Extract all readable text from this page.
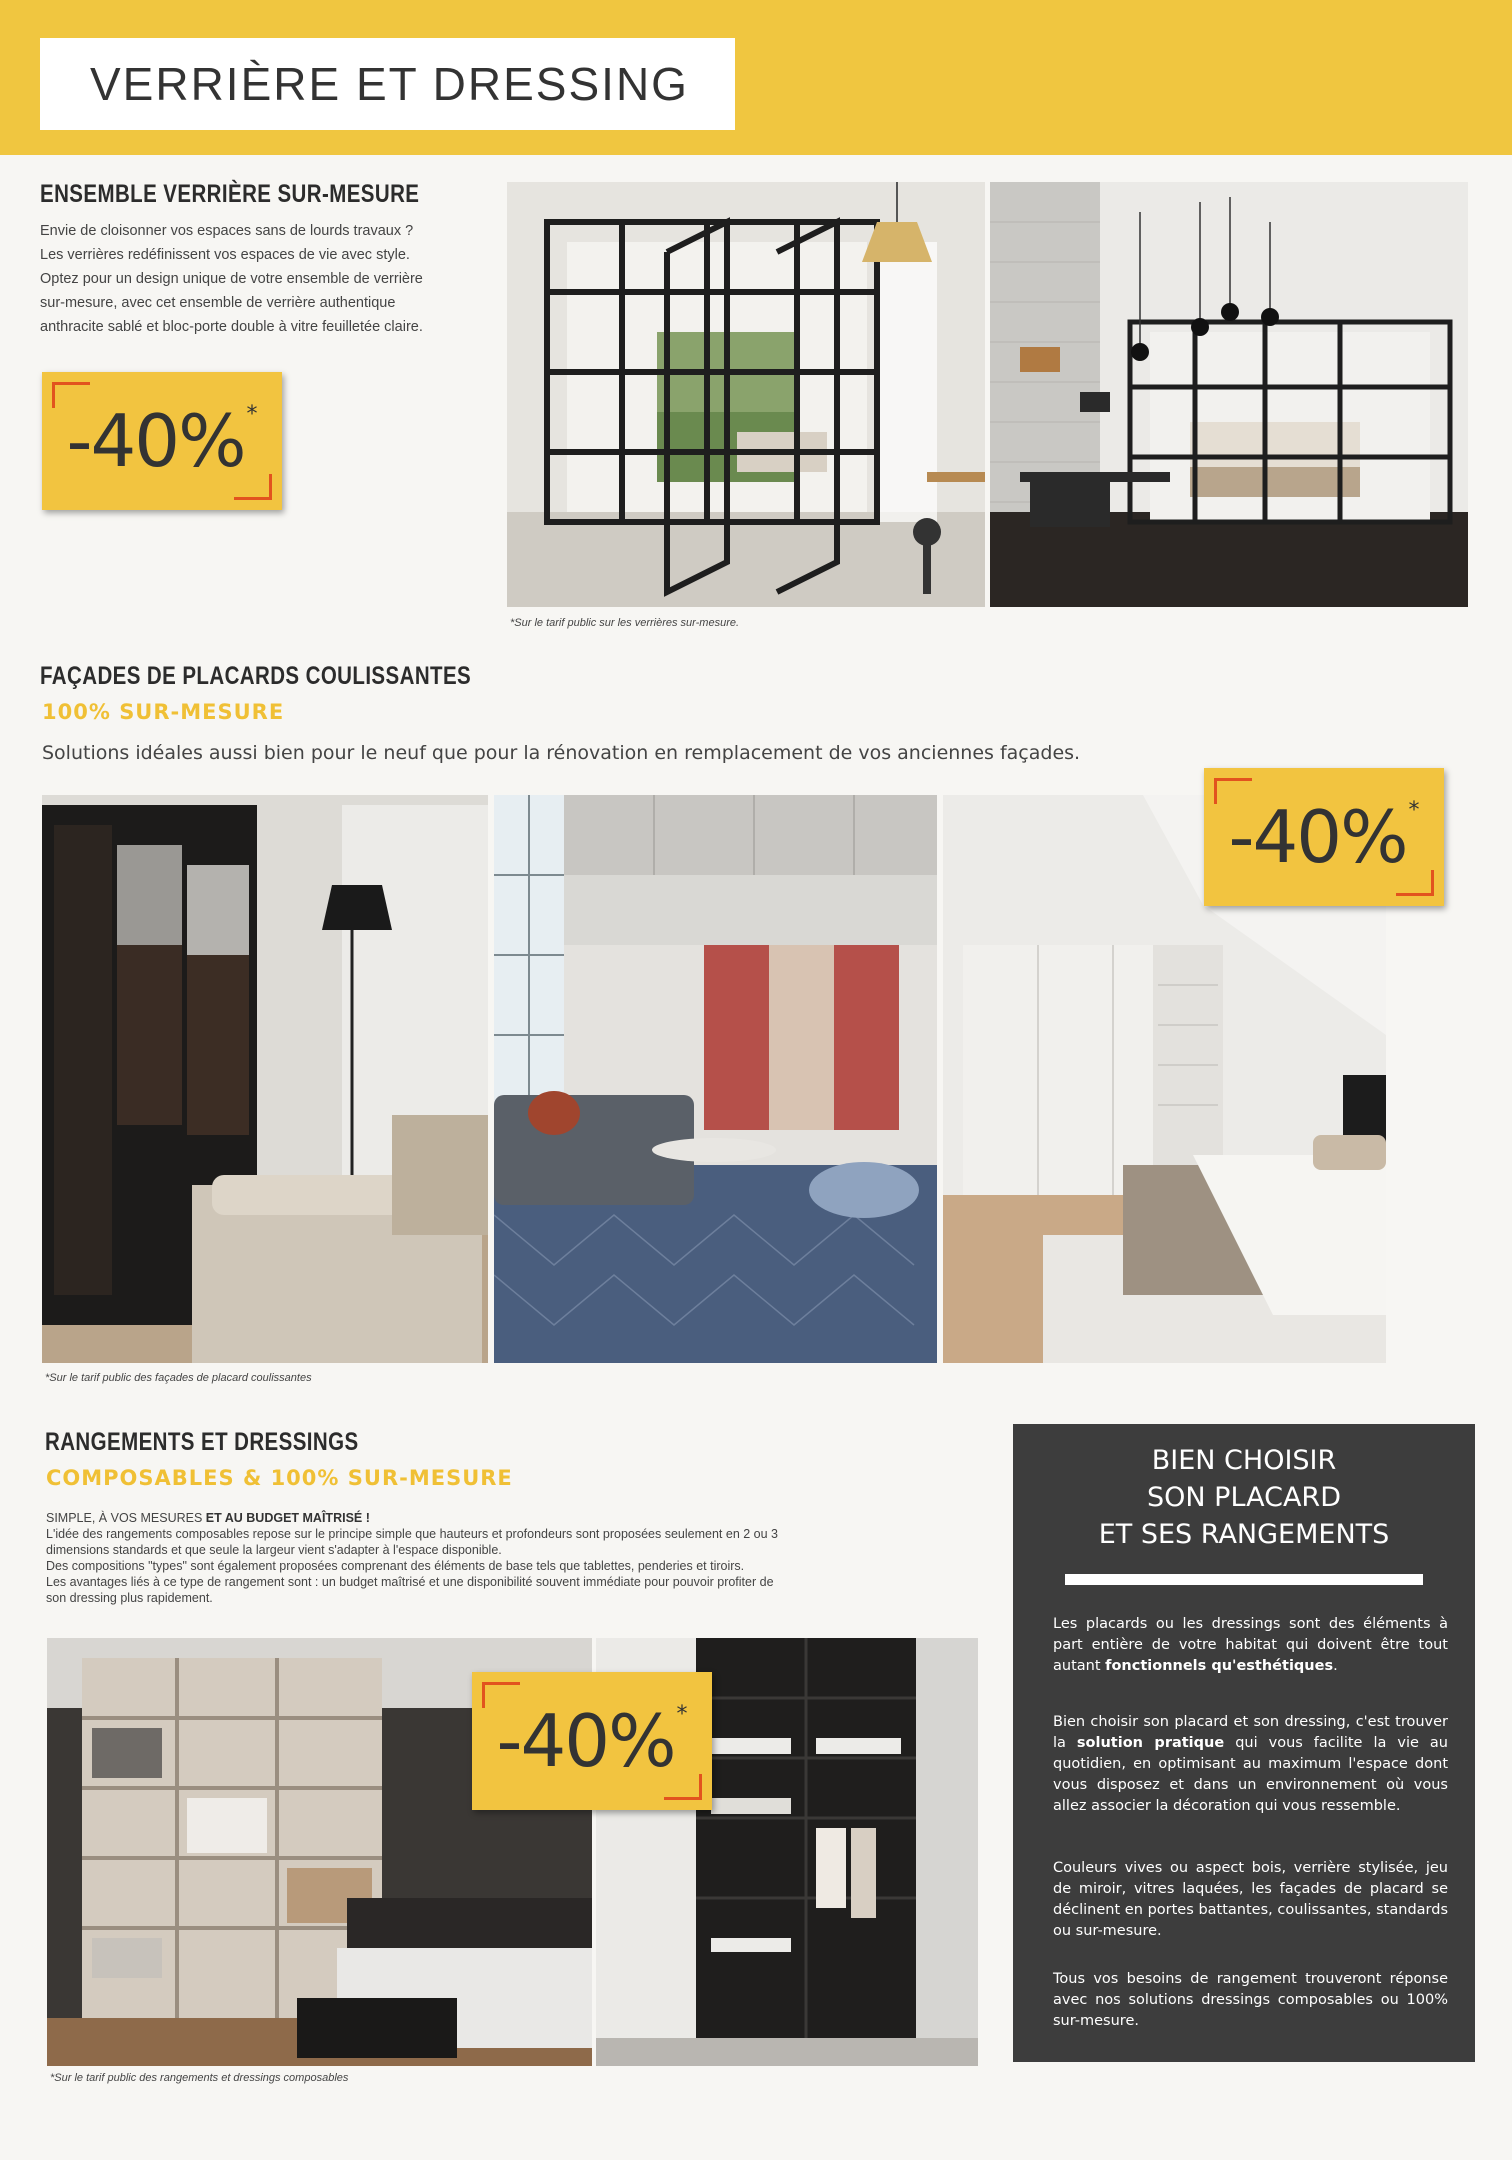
VERRIÈRE ET DRESSING
ENSEMBLE VERRIÈRE SUR-MESURE
Envie de cloisonner vos espaces sans de lourds travaux ?
Les verrières redéfinissent vos espaces de vie avec style.
Optez pour un design unique de votre ensemble de verrière
sur-mesure, avec cet ensemble de verrière authentique
anthracite sablé et bloc-porte double à vitre feuilletée claire.
-40% *
*Sur le tarif public sur les verrières sur-mesure.
FAÇADES DE PLACARDS COULISSANTES
100% SUR-MESURE
Solutions idéales aussi bien pour le neuf que pour la rénovation en remplacement de vos anciennes façades.
-40% *
*Sur le tarif public des façades de placard coulissantes
RANGEMENTS ET DRESSINGS
COMPOSABLES & 100% SUR-MESURE
SIMPLE, À VOS MESURES ET AU BUDGET MAÎTRISÉ !
L'idée des rangements composables repose sur le principe simple que hauteurs et profondeurs sont proposées seulement en 2 ou 3
dimensions standards et que seule la largeur vient s'adapter à l'espace disponible.
Des compositions "types" sont également proposées comprenant des éléments de base tels que tablettes, penderies et tiroirs.
Les avantages liés à ce type de rangement sont : un budget maîtrisé et une disponibilité souvent immédiate pour pouvoir profiter de
son dressing plus rapidement.
-40% *
*Sur le tarif public des rangements et dressings composables
BIEN CHOISIR
SON PLACARD
ET SES RANGEMENTS

Les placards ou les dressings sont des éléments à part entière de votre habitat qui doivent être tout autant fonctionnels qu'esthétiques.

Bien choisir son placard et son dressing, c'est trouver la solution pratique qui vous facilite la vie au quotidien, en optimisant au maximum l'espace dont vous disposez et dans un environnement où vous allez associer la décoration qui vous ressemble.

Couleurs vives ou aspect bois, verrière stylisée, jeu de miroir, vitres laquées, les façades de placard se déclinent en portes battantes, coulissantes, standards ou sur-mesure.

Tous vos besoins de rangement trouveront réponse avec nos solutions dressings composables ou 100% sur-mesure.
